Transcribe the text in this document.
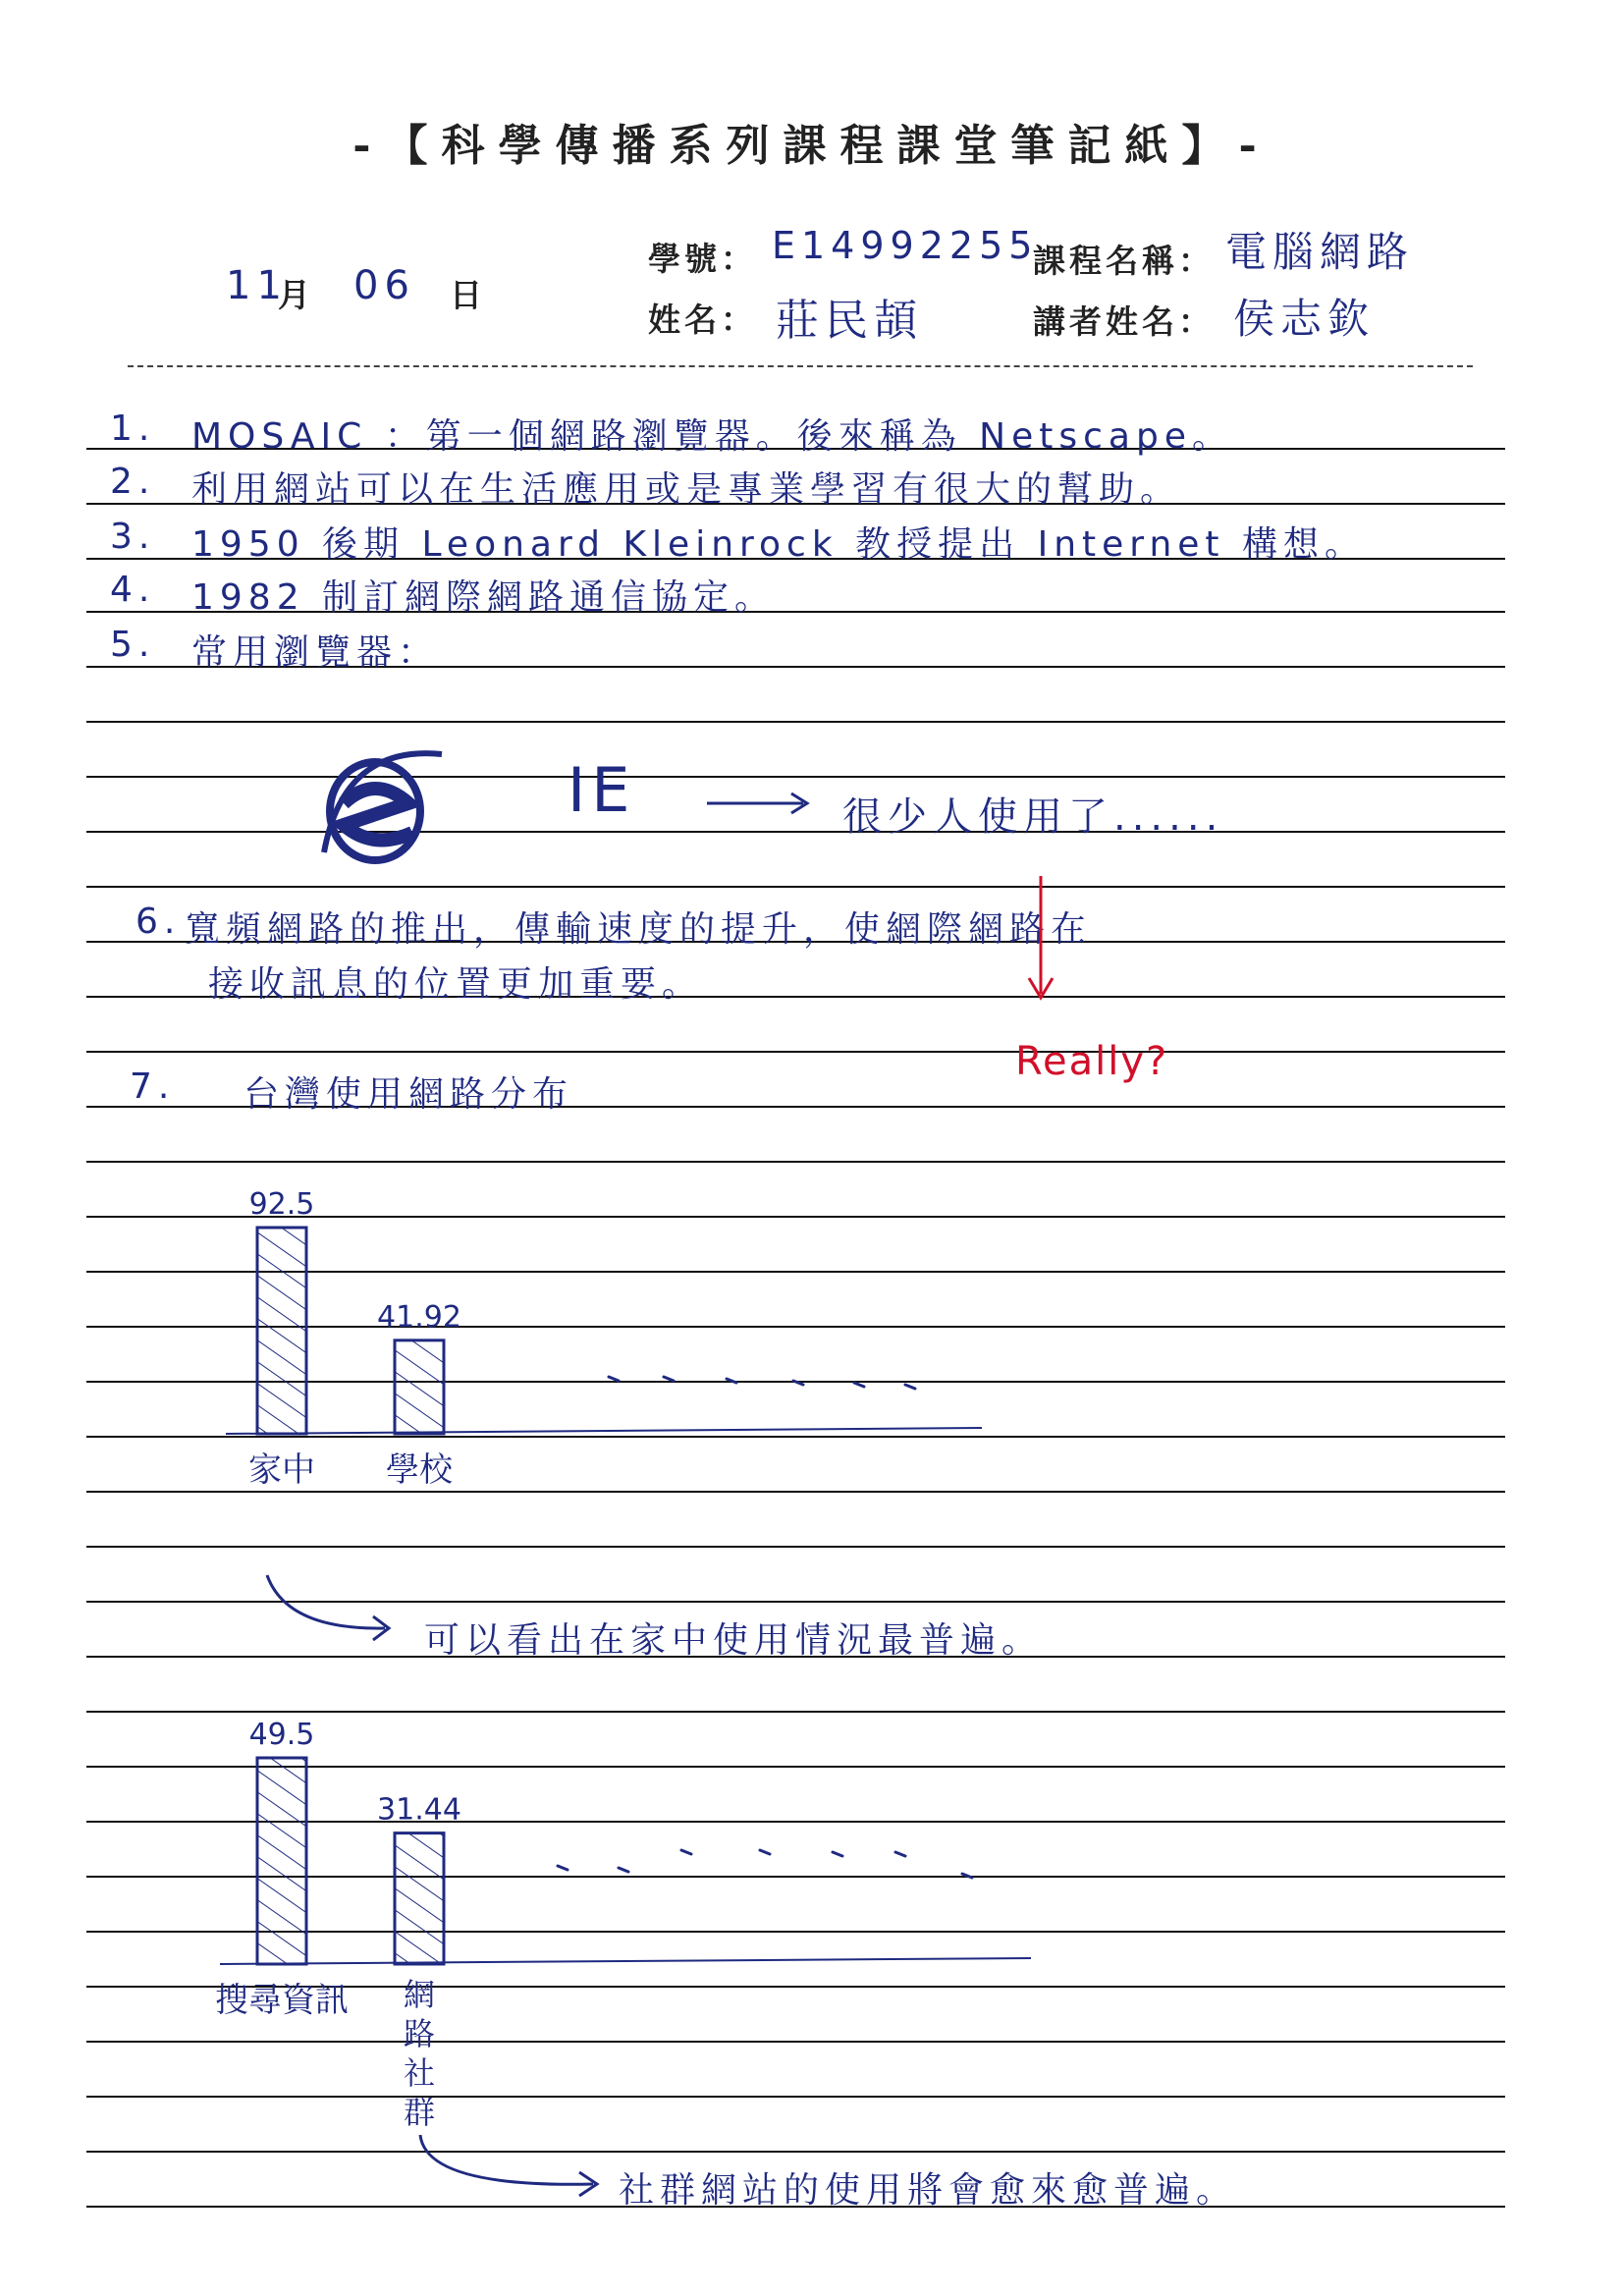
-【科學傳播系列課程課堂筆記紙】-
11
月 06 日
學號： E14992255
姓名： 莊民頡
課程名稱： 電腦網路
講者姓名： 侯志欽
1. MOSAIC ：第一個網路瀏覽器。後來稱為 Netscape。
2. 利用網站可以在生活應用或是專業學習有很大的幫助。
3. 1950 後期 Leonard Kleinrock 教授提出 Internet 構想。
4. 1982 制訂網際網路通信協定。
5. 常用瀏覽器：
IE	很少人使用了......
6. 寬頻網路的推出，傳輸速度的提升，使網際網路在
接收訊息的位置更加重要。
Really?
7. 台灣使用網路分布
92.5
家中
41.92
學校
可以看出在家中使用情況最普遍。
49.5
搜尋資訊
31.44
網
路
社
群
社群網站的使用將會愈來愈普遍。
